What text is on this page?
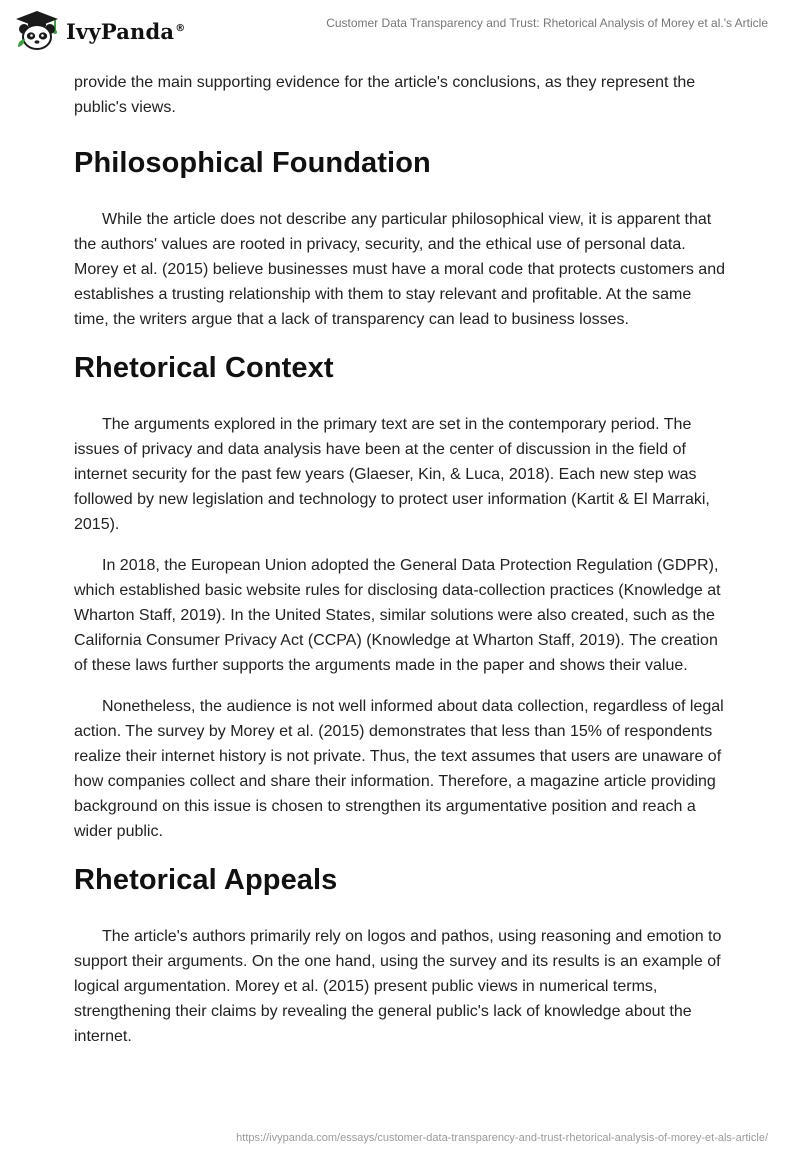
IvyPanda®	Customer Data Transparency and Trust: Rhetorical Analysis of Morey et al.'s Article

provide the main supporting evidence for the article's conclusions, as they represent the public's views.

Philosophical Foundation

While the article does not describe any particular philosophical view, it is apparent that the authors' values are rooted in privacy, security, and the ethical use of personal data. Morey et al. (2015) believe businesses must have a moral code that protects customers and establishes a trusting relationship with them to stay relevant and profitable. At the same time, the writers argue that a lack of transparency can lead to business losses.

Rhetorical Context

The arguments explored in the primary text are set in the contemporary period. The issues of privacy and data analysis have been at the center of discussion in the field of internet security for the past few years (Glaeser, Kin, & Luca, 2018). Each new step was followed by new legislation and technology to protect user information (Kartit & El Marraki, 2015).

In 2018, the European Union adopted the General Data Protection Regulation (GDPR), which established basic website rules for disclosing data-collection practices (Knowledge at Wharton Staff, 2019). In the United States, similar solutions were also created, such as the California Consumer Privacy Act (CCPA) (Knowledge at Wharton Staff, 2019). The creation of these laws further supports the arguments made in the paper and shows their value.

Nonetheless, the audience is not well informed about data collection, regardless of legal action. The survey by Morey et al. (2015) demonstrates that less than 15% of respondents realize their internet history is not private. Thus, the text assumes that users are unaware of how companies collect and share their information. Therefore, a magazine article providing background on this issue is chosen to strengthen its argumentative position and reach a wider public.

Rhetorical Appeals

The article's authors primarily rely on logos and pathos, using reasoning and emotion to support their arguments. On the one hand, using the survey and its results is an example of logical argumentation. Morey et al. (2015) present public views in numerical terms, strengthening their claims by revealing the general public's lack of knowledge about the internet.

https://ivypanda.com/essays/customer-data-transparency-and-trust-rhetorical-analysis-of-morey-et-als-article/
